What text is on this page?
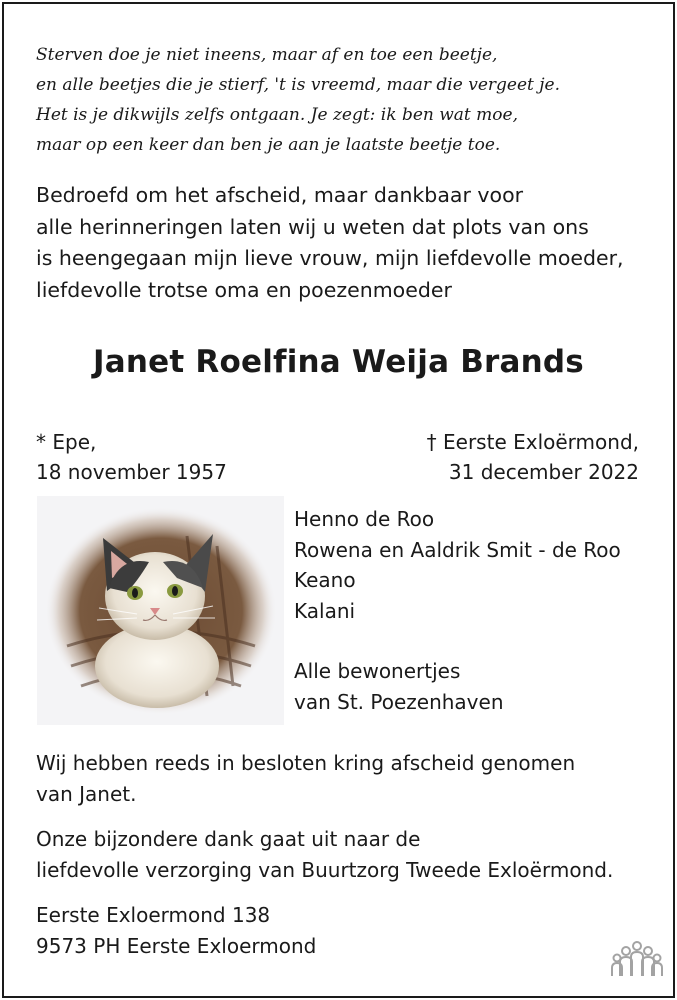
Sterven doe je niet ineens, maar af en toe een beetje,
en alle beetjes die je stierf, 't is vreemd, maar die vergeet je.
Het is je dikwijls zelfs ontgaan. Je zegt: ik ben wat moe,
maar op een keer dan ben je aan je laatste beetje toe.
Bedroefd om het afscheid, maar dankbaar voor
alle herinneringen laten wij u weten dat plots van ons
is heengegaan mijn lieve vrouw, mijn liefdevolle moeder,
liefdevolle trotse oma en poezenmoeder
Janet Roelfina Weija Brands
* Epe,
18 november 1957
† Eerste Exloërmond,
31 december 2022
Henno de Roo
Rowena en Aaldrik Smit - de Roo
Keano
Kalani
Alle bewonertjes
van St. Poezenhaven
Wij hebben reeds in besloten kring afscheid genomen
van Janet.
Onze bijzondere dank gaat uit naar de
liefdevolle verzorging van Buurtzorg Tweede Exloërmond.
Eerste Exloermond 138
9573 PH Eerste Exloermond
